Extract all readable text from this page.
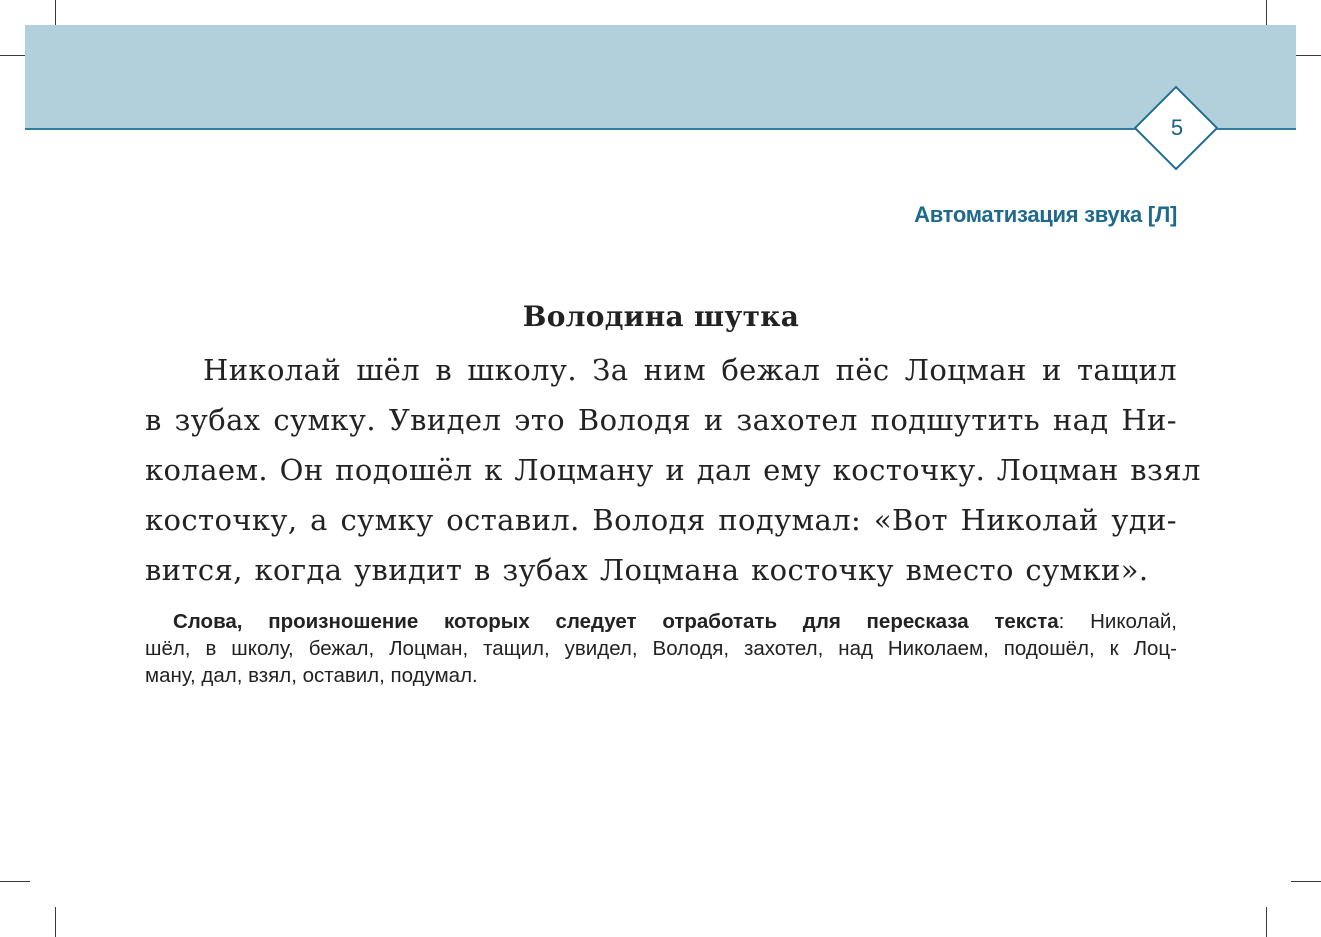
5
Автоматизация звука [Л]
Володина шутка
Николай шёл в школу. За ним бежал пёс Лоцман и тащил
в зубах сумку. Увидел это Володя и захотел подшутить над Ни-
колаем. Он подошёл к Лоцману и дал ему косточку. Лоцман взял
косточку, а сумку оставил. Володя подумал: «Вот Николай уди-
вится, когда увидит в зубах Лоцмана косточку вместо сумки».
Слова, произношение которых следует отработать для пересказа текста: Николай,
шёл, в школу, бежал, Лоцман, тащил, увидел, Володя, захотел, над Николаем, подошёл, к Лоц-
ману, дал, взял, оставил, подумал.
